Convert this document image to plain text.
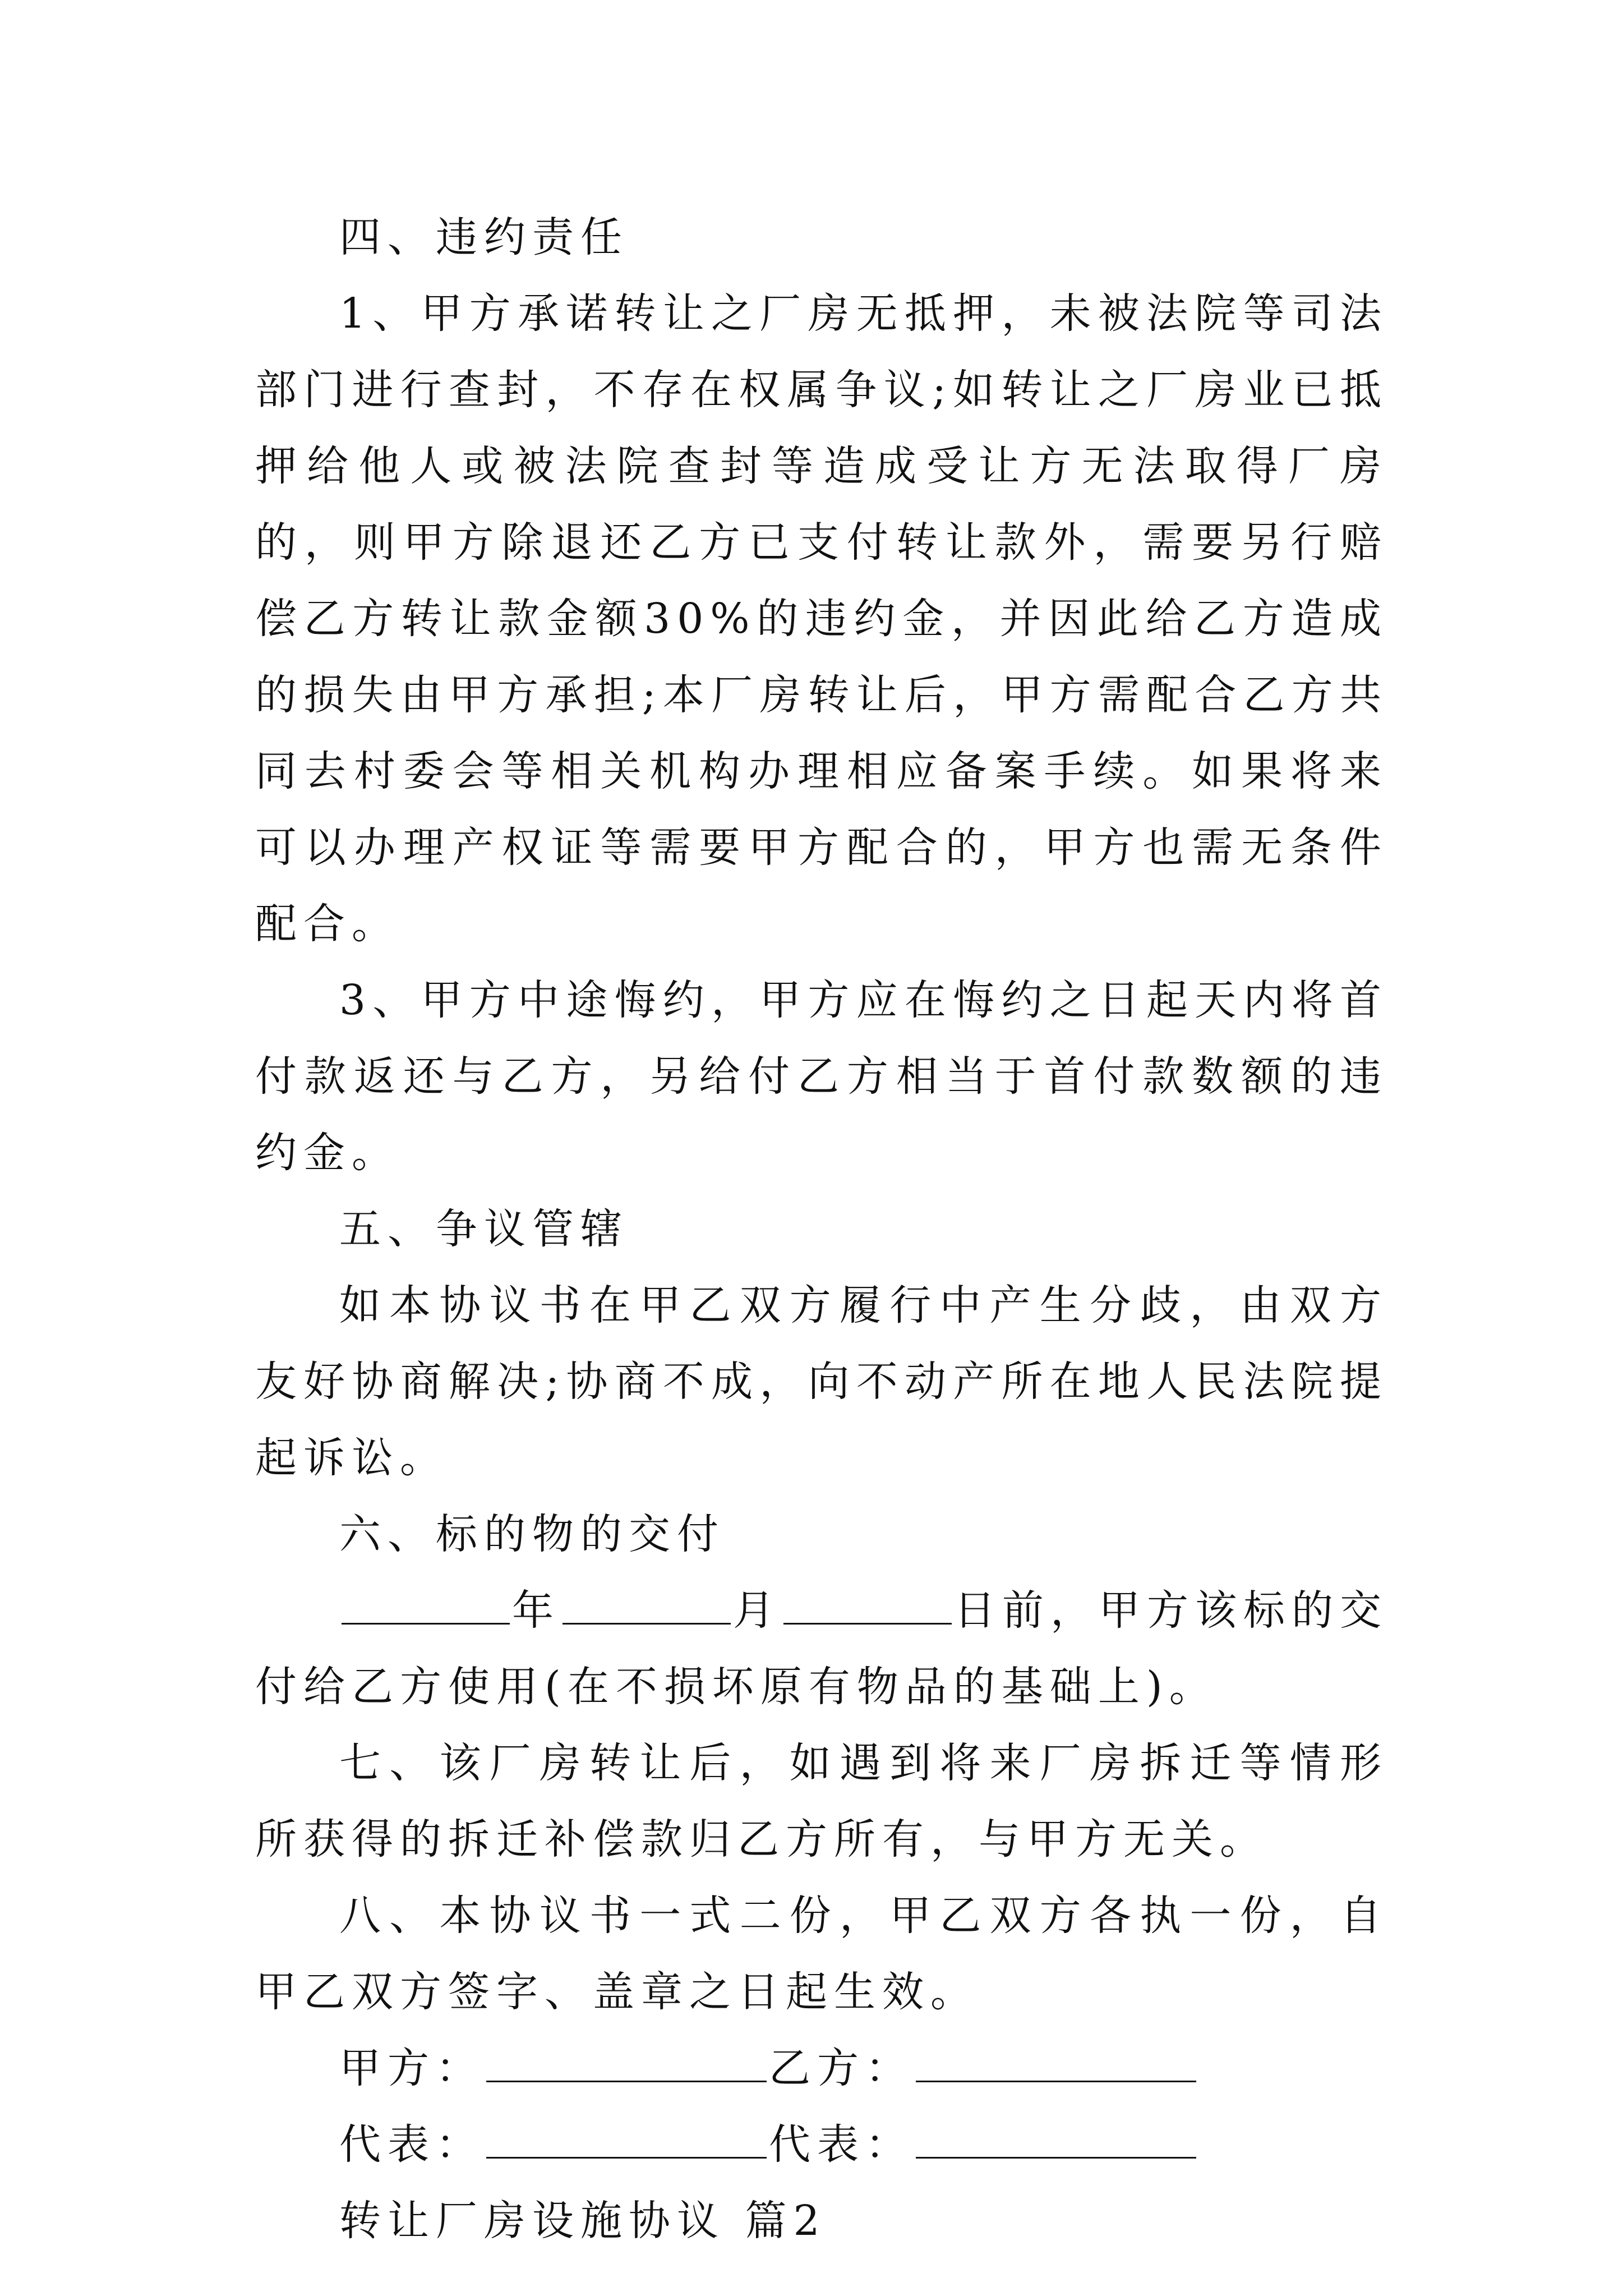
四、违约责任

1、甲方承诺转让之厂房无抵押，未被法院等司法部门进行查封，不存在权属争议;如转让之厂房业已抵押给他人或被法院查封等造成受让方无法取得厂房的，则甲方除退还乙方已支付转让款外，需要另行赔偿乙方转让款金额30%的违约金，并因此给乙方造成的损失由甲方承担;本厂房转让后，甲方需配合乙方共同去村委会等相关机构办理相应备案手续。如果将来可以办理产权证等需要甲方配合的，甲方也需无条件配合。

3、甲方中途悔约，甲方应在悔约之日起天内将首付款返还与乙方，另给付乙方相当于首付款数额的违约金。

五、争议管辖

如本协议书在甲乙双方履行中产生分歧，由双方友好协商解决;协商不成，向不动产所在地人民法院提起诉讼。

六、标的物的交付

年	月	日前，甲方该标的交付给乙方使用(在不损坏原有物品的基础上)。

七、该厂房转让后，如遇到将来厂房拆迁等情形所获得的拆迁补偿款归乙方所有，与甲方无关。

八、本协议书一式二份，甲乙双方各执一份，自甲乙双方签字、盖章之日起生效。

甲方：	乙方：

代表：	代表：

转让厂房设施协议 篇2
